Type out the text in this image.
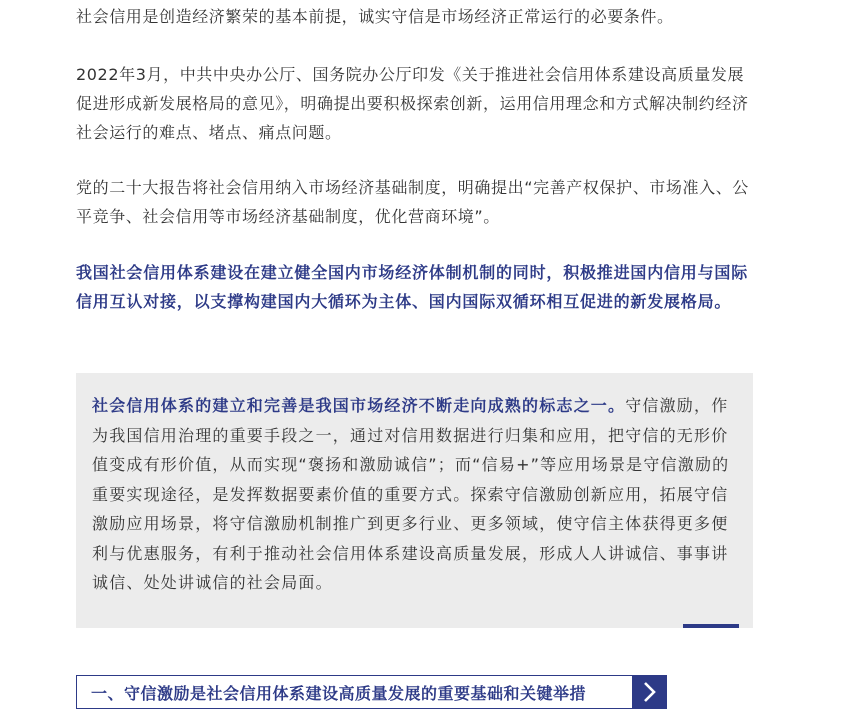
社会信用是创造经济繁荣的基本前提，诚实守信是市场经济正常运行的必要条件。

2022年3月，中共中央办公厅、国务院办公厅印发《关于推进社会信用体系建设高质量发展促进形成新发展格局的意见》，明确提出要积极探索创新，运用信用理念和方式解决制约经济社会运行的难点、堵点、痛点问题。

党的二十大报告将社会信用纳入市场经济基础制度，明确提出“完善产权保护、市场准入、公平竞争、社会信用等市场经济基础制度，优化营商环境”。

我国社会信用体系建设在建立健全国内市场经济体制机制的同时，积极推进国内信用与国际信用互认对接，以支撑构建国内大循环为主体、国内国际双循环相互促进的新发展格局。

社会信用体系的建立和完善是我国市场经济不断走向成熟的标志之一。守信激励，作为我国信用治理的重要手段之一，通过对信用数据进行归集和应用，把守信的无形价值变成有形价值，从而实现“褒扬和激励诚信”；而“信易+”等应用场景是守信激励的重要实现途径，是发挥数据要素价值的重要方式。探索守信激励创新应用，拓展守信激励应用场景，将守信激励机制推广到更多行业、更多领域，使守信主体获得更多便利与优惠服务，有利于推动社会信用体系建设高质量发展，形成人人讲诚信、事事讲诚信、处处讲诚信的社会局面。

一、守信激励是社会信用体系建设高质量发展的重要基础和关键举措
